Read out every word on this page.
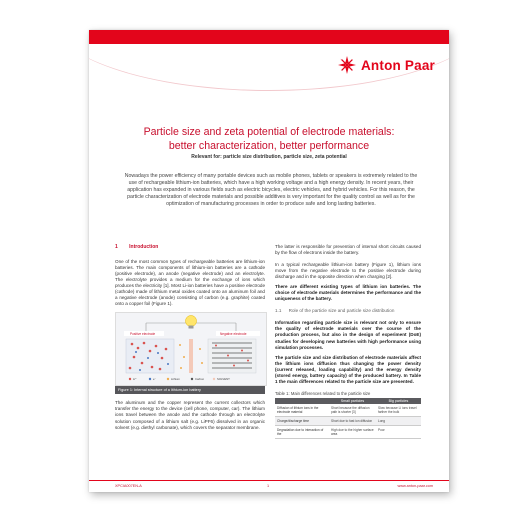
Anton Paar
Particle size and zeta potential of electrode materials:
better characterization, better performance
Relevant for: particle size distribution, particle size, zeta potential
Nowadays the power efficiency of many portable devices such as mobile phones, tablets or speakers is extremely related to the use of rechargeable lithium-ion batteries, which have a high working voltage and a high energy density. In recent years, their application has expanded in various fields such as electric bicycles, electric vehicles, and hybrid vehicles. For this reason, the particle characterization of electrode materials and possible additives is very important for the quality control as well as for the optimization of manufacturing processes in order to produce safe and long lasting batteries.
1 Introduction

One of the most common types of rechargeable batteries are lithium-ion batteries. The main components of lithium-ion batteries are a cathode (positive electrode), an anode (negative electrode) and an electrolyte. The electrolyte provides a medium for the exchange of ions which produces the electricity [1]. Most Li-ion batteries have a positive electrode (cathode) made of lithium metal oxides coated onto an aluminum foil and a negative electrode (anode) consisting of carbon (e.g. graphite) coated onto a copper foil (Figure 1).

Positive electrode	Negative electrode
Li⁺	e⁻	Lithium	Carbon	SOLVENT
Figure 1: Internal structure of a lithium-ion battery

The aluminum and the copper represent the current collectors which transfer the energy to the device (cell phone, computer, car). The lithium ions travel between the anode and the cathode through an electrolyte solution composed of a lithium salt (e.g. LiPF6) dissolved in an organic solvent (e.g. diethyl carbonate), which covers the separator membrane.

The latter is responsible for prevention of internal short circuits caused by the flow of electrons inside the battery.

In a typical rechargeable lithium-ion battery (Figure 1), lithium ions move from the negative electrode to the positive electrode during discharge and in the opposite direction when charging [2].

There are different existing types of lithium ion batteries. The choice of electrode materials determines the performance and the uniqueness of the battery.

1.1 Role of the particle size and particle size distribution

Information regarding particle size is relevant not only to ensure the quality of electrode materials over the course of the production process, but also in the design of experiment (DoE) studies for developing new batteries with high performance using simulation processes.

The particle size and size distribution of electrode materials affect the lithium ions diffusion thus changing the power density (current released, loading capability) and the energy density (stored energy, battery capacity) of the produced battery. In Table 1 the main differences related to the particle size are presented.

Table 1: Main differences related to the particle size
	Small particles	Big particles
Diffusion of lithium ions in the electrode material	Short because the diffusion path is shorter [3]	Slow because Li ions travel farther the bulk
Charge/discharge time	Short due to fast ion diffusion	Long
Degradation due to interaction of the	High due to the higher surface area	Poor
XPCIA007EN-A	1	www.anton-paar.com
